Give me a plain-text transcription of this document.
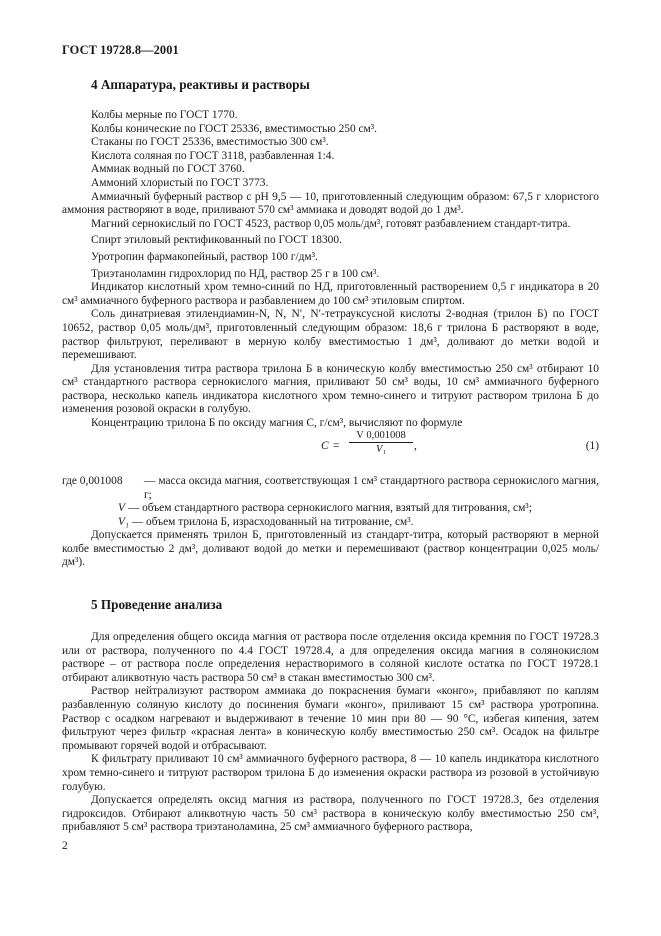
ГОСТ 19728.8—2001
4 Аппаратура, реактивы и растворы

Колбы мерные по ГОСТ 1770.

Колбы конические по ГОСТ 25336, вместимостью 250 см³.

Стаканы по ГОСТ 25336, вместимостью 300 см³.

Кислота соляная по ГОСТ 3118, разбавленная 1:4.

Аммиак водный по ГОСТ 3760.

Аммоний хлористый по ГОСТ 3773.

Аммиачный буферный раствор с pH 9,5 — 10, приготовленный следующим образом: 67,5 г хлористого аммония растворяют в воде, приливают 570 см³ аммиака и доводят водой до 1 дм³.

Магний сернокислый по ГОСТ 4523, раствор 0,05 моль/дм³, готовят разбавлением стандарт-титра.

Спирт этиловый ректификованный по ГОСТ 18300.

Уротропин фармакопейный, раствор 100 г/дм³.

Триэтаноламин гидрохлорид по НД, раствор 25 г в 100 см³.

Индикатор кислотный хром темно-синий по НД, приготовленный растворением 0,5 г индикатора в 20 см³ аммиачного буферного раствора и разбавлением до 100 см³ этиловым спиртом.

Соль динатриевая этилендиамин-N, N, N′, N′-тетрауксусной кислоты 2-водная (трилон Б) по ГОСТ 10652, раствор 0,05 моль/дм³, приготовленный следующим образом: 18,6 г трилона Б растворяют в воде, раствор фильтруют, переливают в мерную колбу вместимостью 1 дм³, доливают до метки водой и перемешивают.

Для установления титра раствора трилона Б в коническую колбу вместимостью 250 см³ отбирают 10 см³ стандартного раствора сернокислого магния, приливают 50 см³ воды, 10 см³ аммиачного буферного раствора, несколько капель индикатора кислотного хром темно-синего и титруют раствором трилона Б до изменения розовой окраски в голубую.

Концентрацию трилона Б по оксиду магния C, г/см³, вычисляют по формуле

$C = \frac{V 0,001008}{\text{V₁}}$ ,	(1)
где 0,001008	— масса оксида магния, соответствующая 1 см³ стандартного раствора сернокислого магния, г;
V — объем стандартного раствора сернокислого магния, взятый для титрования, см³;
V₁ — объем трилона Б, израсходованный на титрование, см³.

Допускается применять трилон Б, приготовленный из стандарт-титра, который растворяют в мерной колбе вместимостью 2 дм³, доливают водой до метки и перемешивают (раствор концентрации 0,025 моль/дм³).

5 Проведение анализа

Для определения общего оксида магния от раствора после отделения оксида кремния по ГОСТ 19728.3 или от раствора, полученного по 4.4 ГОСТ 19728.4, а для определения оксида магния в солянокислом растворе – от раствора после определения нерастворимого в соляной кислоте остатка по ГОСТ 19728.1 отбирают аликвотную часть раствора 50 см³ в стакан вместимостью 300 см³.

Раствор нейтрализуют раствором аммиака до покраснения бумаги «конго», прибавляют по каплям разбавленную соляную кислоту до посинения бумаги «конго», приливают 15 см³ раствора уротропина. Раствор с осадком нагревают и выдерживают в течение 10 мин при 80 — 90 °С, избегая кипения, затем фильтруют через фильтр «красная лента» в коническую колбу вместимостью 250 см³. Осадок на фильтре промывают горячей водой и отбрасывают.

К фильтрату приливают 10 см³ аммиачного буферного раствора, 8 — 10 капель индикатора кислотного хром темно-синего и титруют раствором трилона Б до изменения окраски раствора из розовой в устойчивую голубую.

Допускается определять оксид магния из раствора, полученного по ГОСТ 19728.3, без отделения гидроксидов. Отбирают аликвотную часть 50 см³ раствора в коническую колбу вместимостью 250 см³, прибавляют 5 см³ раствора триэтаноламина, 25 см³ аммиачного буферного раствора,

2
